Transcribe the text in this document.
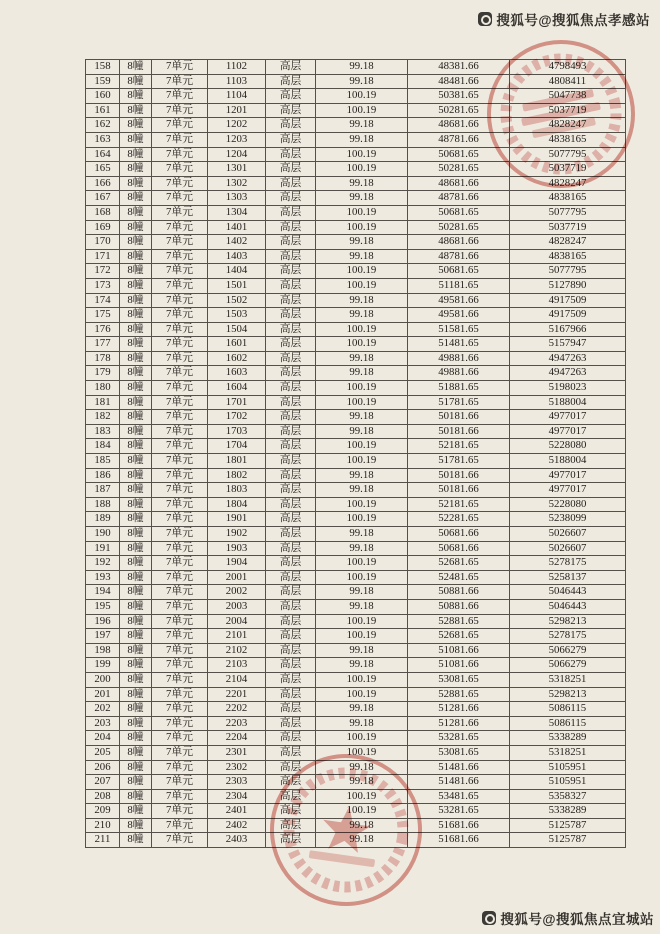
搜狐号@搜狐焦点孝感站
158	8幢	7单元	1102	高层	99.18	48381.66	4798493
159	8幢	7单元	1103	高层	99.18	48481.66	4808411
160	8幢	7单元	1104	高层	100.19	50381.65	5047738
161	8幢	7单元	1201	高层	100.19	50281.65	5037719
162	8幢	7单元	1202	高层	99.18	48681.66	4828247
163	8幢	7单元	1203	高层	99.18	48781.66	4838165
164	8幢	7单元	1204	高层	100.19	50681.65	5077795
165	8幢	7单元	1301	高层	100.19	50281.65	5037719
166	8幢	7单元	1302	高层	99.18	48681.66	4828247
167	8幢	7单元	1303	高层	99.18	48781.66	4838165
168	8幢	7单元	1304	高层	100.19	50681.65	5077795
169	8幢	7单元	1401	高层	100.19	50281.65	5037719
170	8幢	7单元	1402	高层	99.18	48681.66	4828247
171	8幢	7单元	1403	高层	99.18	48781.66	4838165
172	8幢	7单元	1404	高层	100.19	50681.65	5077795
173	8幢	7单元	1501	高层	100.19	51181.65	5127890
174	8幢	7单元	1502	高层	99.18	49581.66	4917509
175	8幢	7单元	1503	高层	99.18	49581.66	4917509
176	8幢	7单元	1504	高层	100.19	51581.65	5167966
177	8幢	7单元	1601	高层	100.19	51481.65	5157947
178	8幢	7单元	1602	高层	99.18	49881.66	4947263
179	8幢	7单元	1603	高层	99.18	49881.66	4947263
180	8幢	7单元	1604	高层	100.19	51881.65	5198023
181	8幢	7单元	1701	高层	100.19	51781.65	5188004
182	8幢	7单元	1702	高层	99.18	50181.66	4977017
183	8幢	7单元	1703	高层	99.18	50181.66	4977017
184	8幢	7单元	1704	高层	100.19	52181.65	5228080
185	8幢	7单元	1801	高层	100.19	51781.65	5188004
186	8幢	7单元	1802	高层	99.18	50181.66	4977017
187	8幢	7单元	1803	高层	99.18	50181.66	4977017
188	8幢	7单元	1804	高层	100.19	52181.65	5228080
189	8幢	7单元	1901	高层	100.19	52281.65	5238099
190	8幢	7单元	1902	高层	99.18	50681.66	5026607
191	8幢	7单元	1903	高层	99.18	50681.66	5026607
192	8幢	7单元	1904	高层	100.19	52681.65	5278175
193	8幢	7单元	2001	高层	100.19	52481.65	5258137
194	8幢	7单元	2002	高层	99.18	50881.66	5046443
195	8幢	7单元	2003	高层	99.18	50881.66	5046443
196	8幢	7单元	2004	高层	100.19	52881.65	5298213
197	8幢	7单元	2101	高层	100.19	52681.65	5278175
198	8幢	7单元	2102	高层	99.18	51081.66	5066279
199	8幢	7单元	2103	高层	99.18	51081.66	5066279
200	8幢	7单元	2104	高层	100.19	53081.65	5318251
201	8幢	7单元	2201	高层	100.19	52881.65	5298213
202	8幢	7单元	2202	高层	99.18	51281.66	5086115
203	8幢	7单元	2203	高层	99.18	51281.66	5086115
204	8幢	7单元	2204	高层	100.19	53281.65	5338289
205	8幢	7单元	2301	高层	100.19	53081.65	5318251
206	8幢	7单元	2302	高层	99.18	51481.66	5105951
207	8幢	7单元	2303	高层	99.18	51481.66	5105951
208	8幢	7单元	2304	高层	100.19	53481.65	5358327
209	8幢	7单元	2401	高层	100.19	53281.65	5338289
210	8幢	7单元	2402	高层	99.18	51681.66	5125787
211	8幢	7单元	2403	高层	99.18	51681.66	5125787
搜狐号@搜狐焦点宜城站
